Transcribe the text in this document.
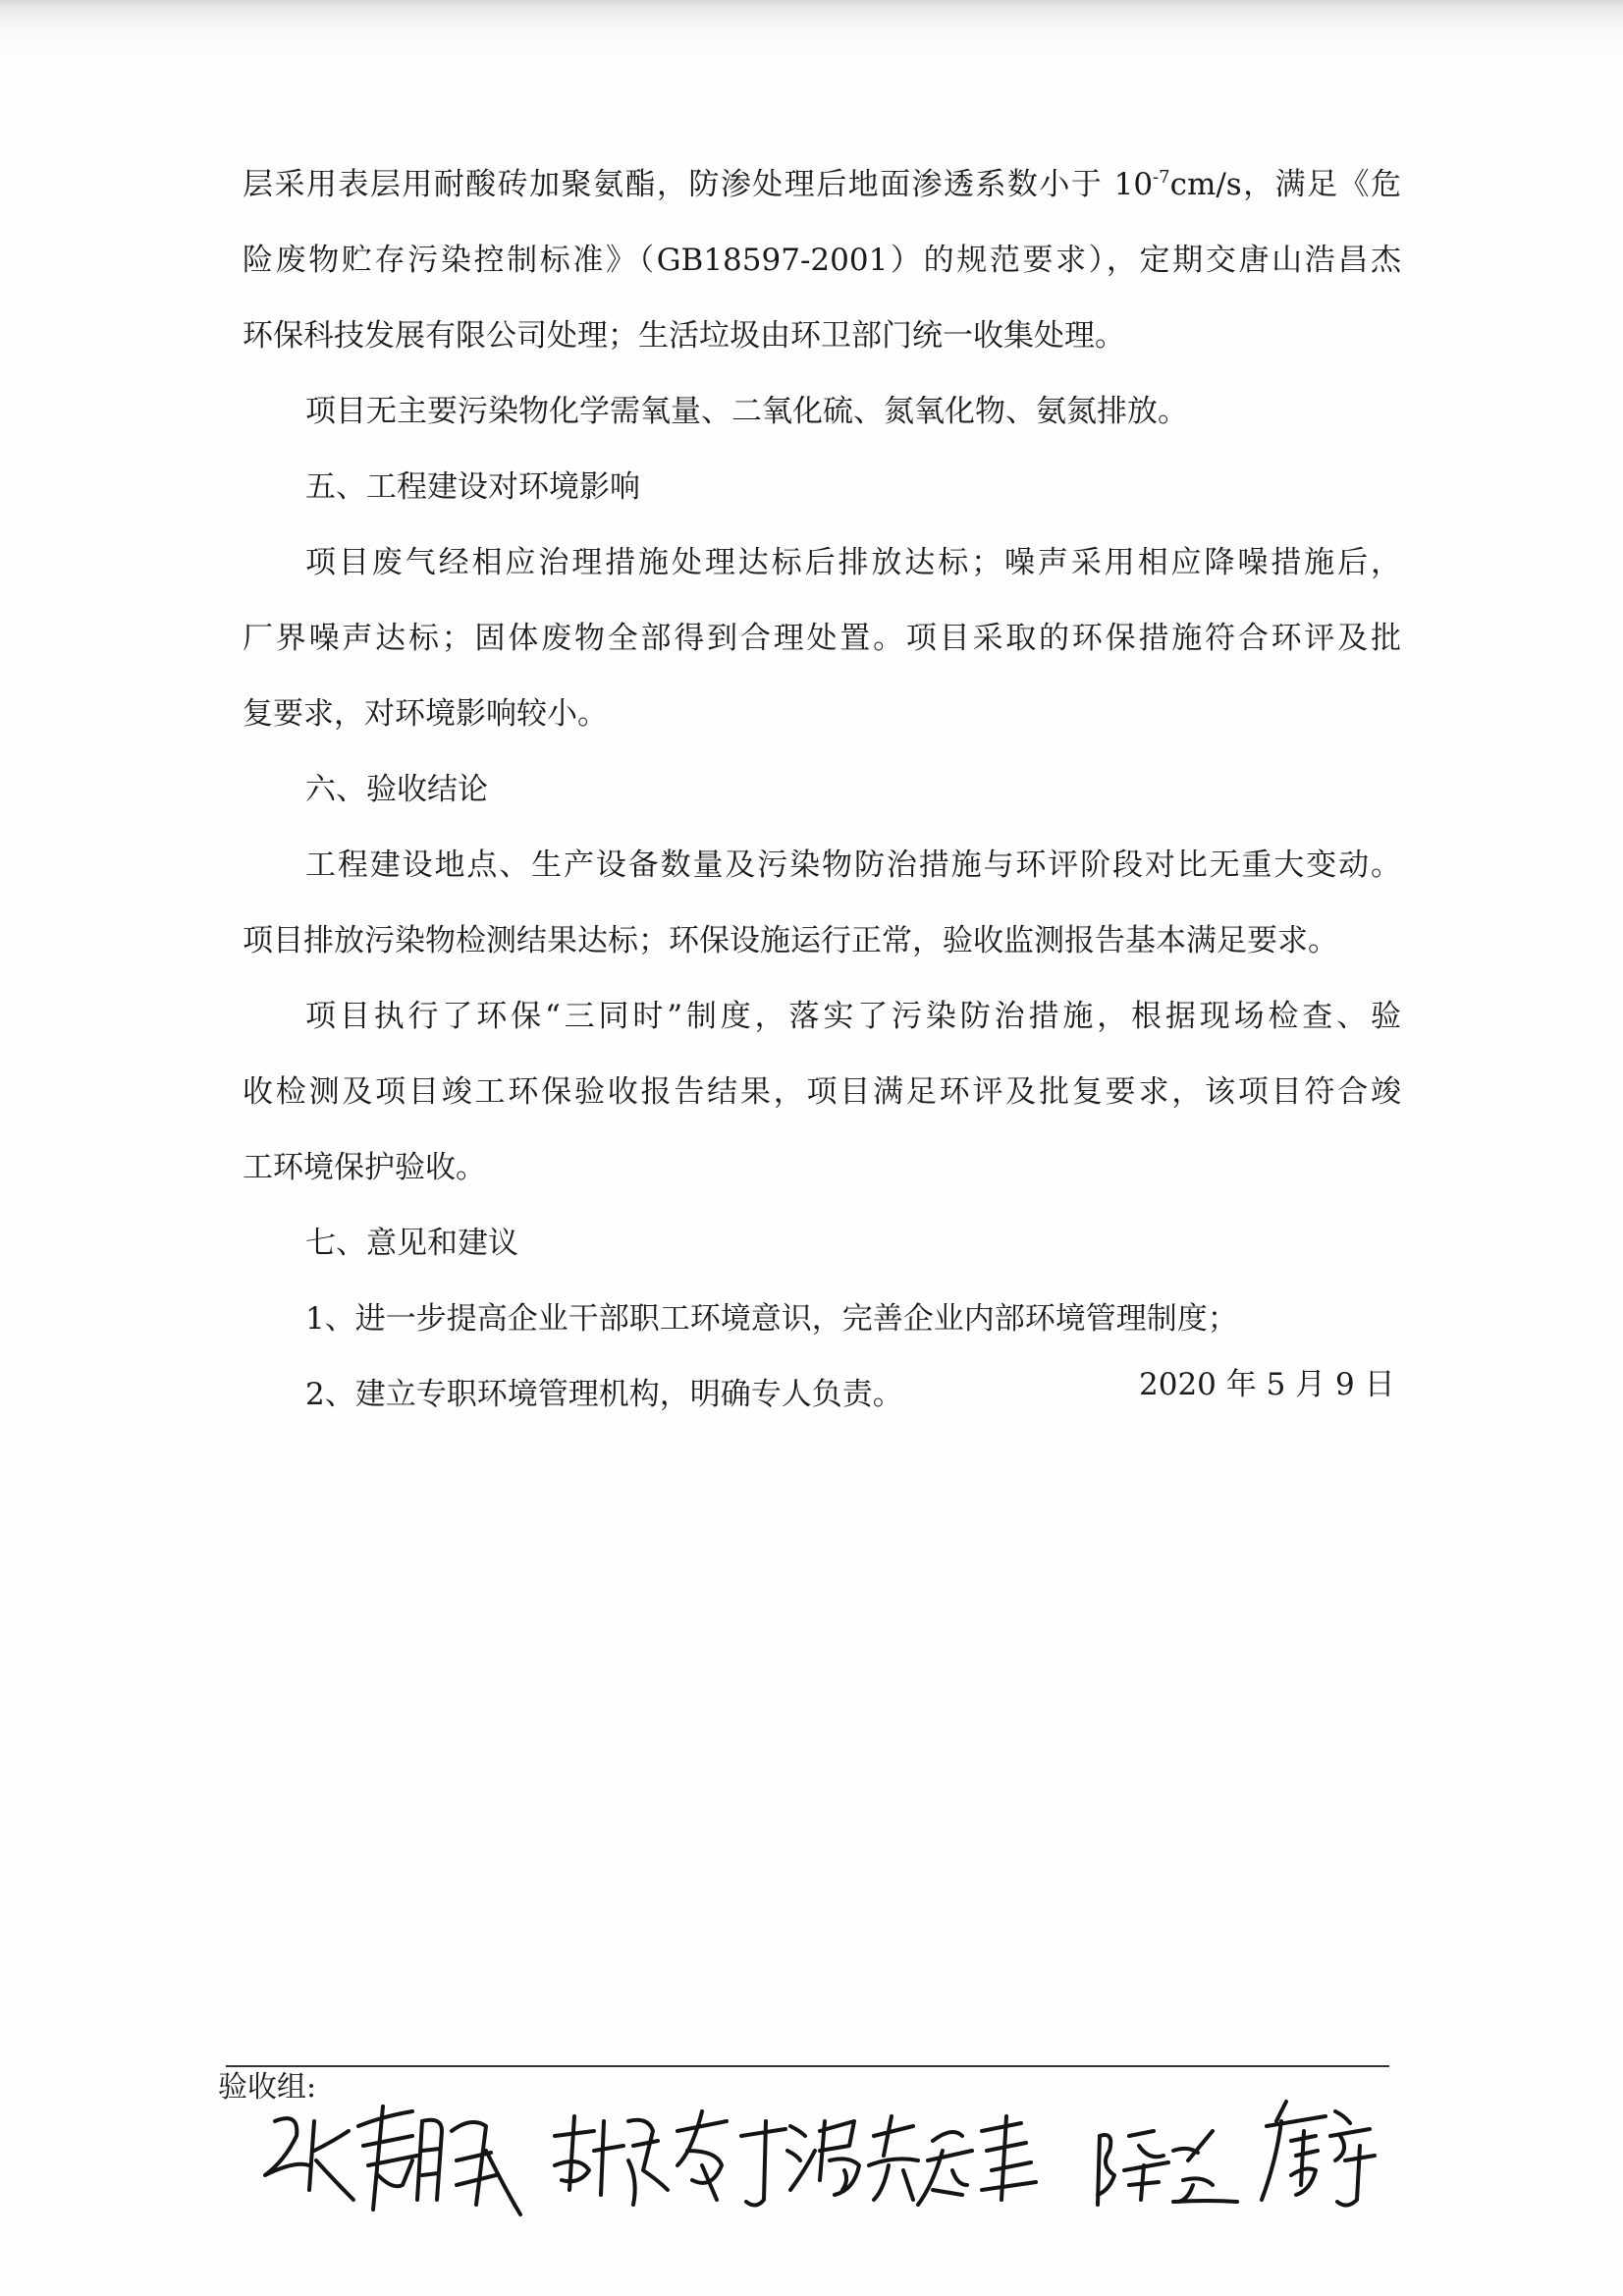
层采用表层用耐酸砖加聚氨酯，防渗处理后地面渗透系数小于 $10^{-7}cm/s$，满足《危
险废物贮存污染控制标准》（GB18597-2001）的规范要求），定期交唐山浩昌杰
环保科技发展有限公司处理；生活垃圾由环卫部门统一收集处理。
项目无主要污染物化学需氧量、二氧化硫、氮氧化物、氨氮排放。
五、工程建设对环境影响
项目废气经相应治理措施处理达标后排放达标；噪声采用相应降噪措施后，
厂界噪声达标；固体废物全部得到合理处置。项目采取的环保措施符合环评及批
复要求，对环境影响较小。
六、验收结论
工程建设地点、生产设备数量及污染物防治措施与环评阶段对比无重大变动。
项目排放污染物检测结果达标；环保设施运行正常，验收监测报告基本满足要求。
项目执行了环保“三同时”制度，落实了污染防治措施，根据现场检查、验
收检测及项目竣工环保验收报告结果，项目满足环评及批复要求，该项目符合竣
工环境保护验收。
七、意见和建议
1、进一步提高企业干部职工环境意识，完善企业内部环境管理制度；
2、建立专职环境管理机构，明确专人负责。	2020 年 5 月 9 日
验收组:
